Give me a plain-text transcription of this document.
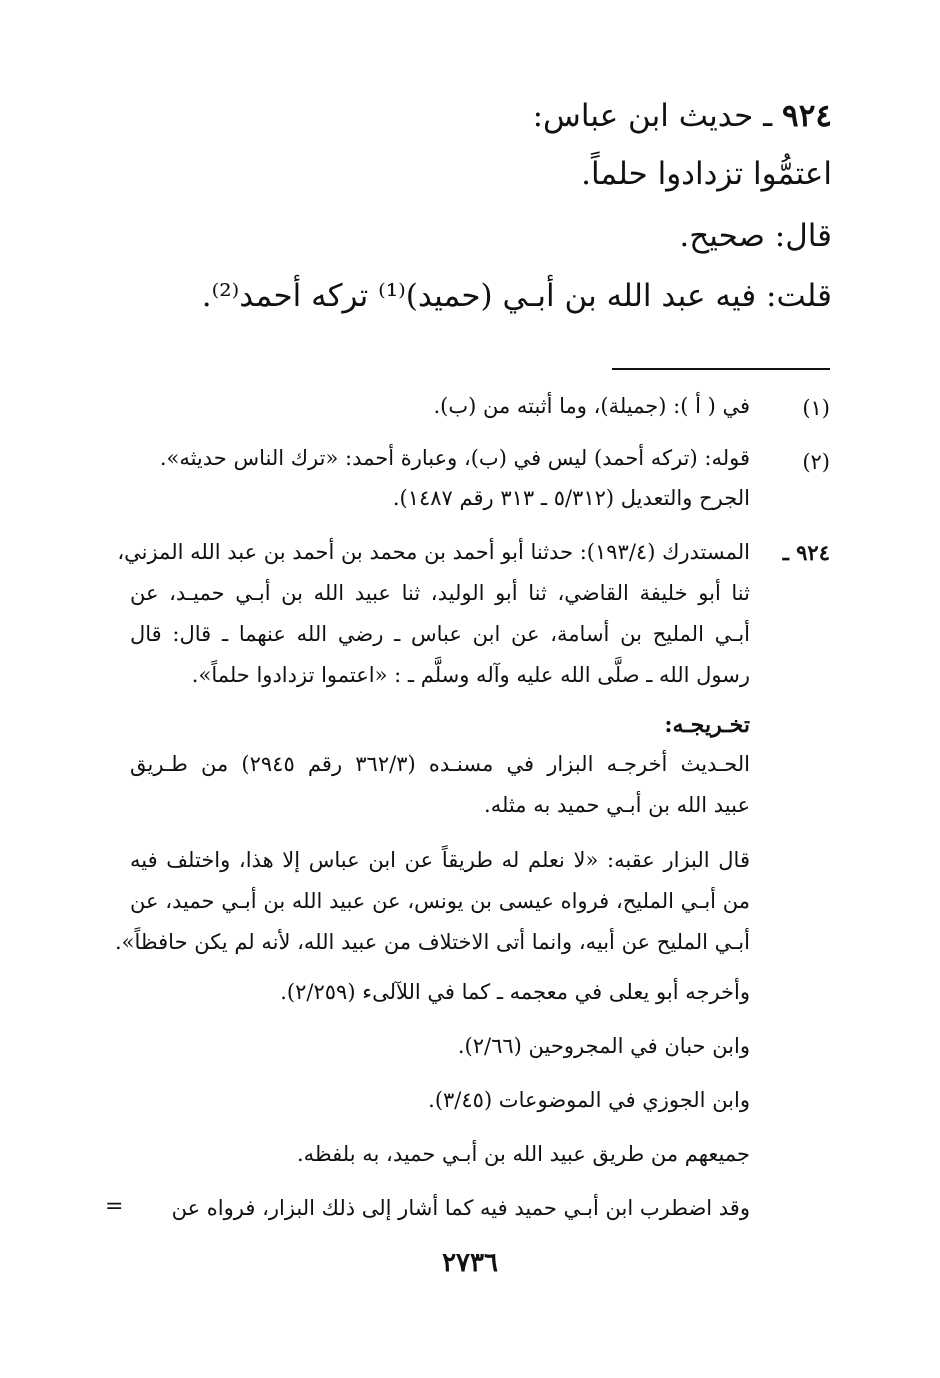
٩٢٤ ـ حديث ابن عباس:
اعتمُّوا تزدادوا حلماً.
قال: صحيح.
قلت: فيه عبد الله بن أبـي (حميد)⁽¹⁾ تركه أحمد⁽²⁾.
(١)
في ( أ ): (جميلة)، وما أثبته من (ب).
(٢)
قوله: (تركه أحمد) ليس في (ب)، وعبارة أحمد: «ترك الناس حديثه».
الجرح والتعديل (٥/٣١٢ ـ ٣١٣ رقم ١٤٨٧).
٩٢٤ ـ
المستدرك (١٩٣/٤): حدثنا أبو أحمد بن محمد بن أحمد بن عبد الله المزني،
ثنا أبو خليفة القاضي، ثنا أبو الوليد، ثنا عبيد الله بن أبـي حميـد، عن
أبـي المليح بن أسامة، عن ابن عباس ـ رضي الله عنهما ـ قال: قال
رسول الله ـ صلَّى الله عليه وآله وسلَّم ـ : «اعتموا تزدادوا حلماً».
تخـريجـه:
الحـديث أخرجـه البزار في مسنـده (٣٦٢/٣ رقم ٢٩٤٥) من طـريق
عبيد الله بن أبـي حميد به مثله.
قال البزار عقبه: «لا نعلم له طريقاً عن ابن عباس إلا هذا، واختلف فيه
من أبـي المليح، فرواه عيسى بن يونس، عن عبيد الله بن أبـي حميد، عن
أبـي المليح عن أبيه، وانما أتى الاختلاف من عبيد الله، لأنه لم يكن حافظاً».
وأخرجه أبو يعلى في معجمه ـ كما في اللآلىء (٢/٢٥٩).
وابن حبان في المجروحين (٢/٦٦).
وابن الجوزي في الموضوعات (٣/٤٥).
جميعهم من طريق عبيد الله بن أبـي حميد، به بلفظه.
وقد اضطرب ابن أبـي حميد فيه كما أشار إلى ذلك البزار، فرواه عن
=
٢٧٣٦
